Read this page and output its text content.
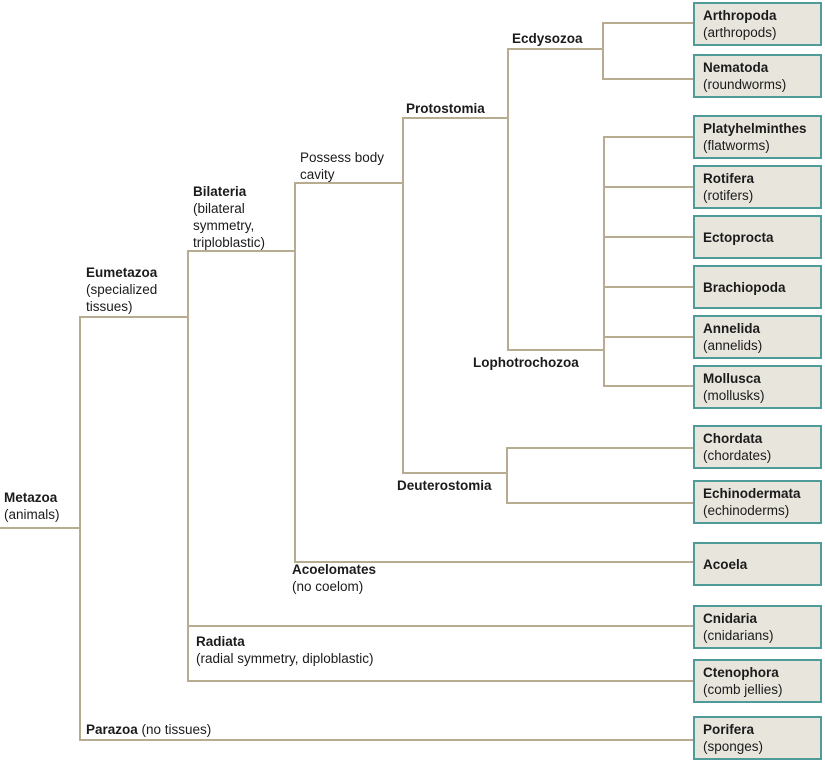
Metazoa
(animals)
Eumetazoa
(specialized
tissues)
Bilateria
(bilateral
symmetry,
triploblastic)
Possess body
cavity
Protostomia
Ecdysozoa
Lophotrochozoa
Deuterostomia
Acoelomates
(no coelom)
Radiata
(radial symmetry, diploblastic)
Parazoa (no tissues)
Arthropoda
(arthropods)
Nematoda
(roundworms)
Platyhelminthes
(flatworms)
Rotifera
(rotifers)
Ectoprocta
Brachiopoda
Annelida
(annelids)
Mollusca
(mollusks)
Chordata
(chordates)
Echinodermata
(echinoderms)
Acoela
Cnidaria
(cnidarians)
Ctenophora
(comb jellies)
Porifera
(sponges)
